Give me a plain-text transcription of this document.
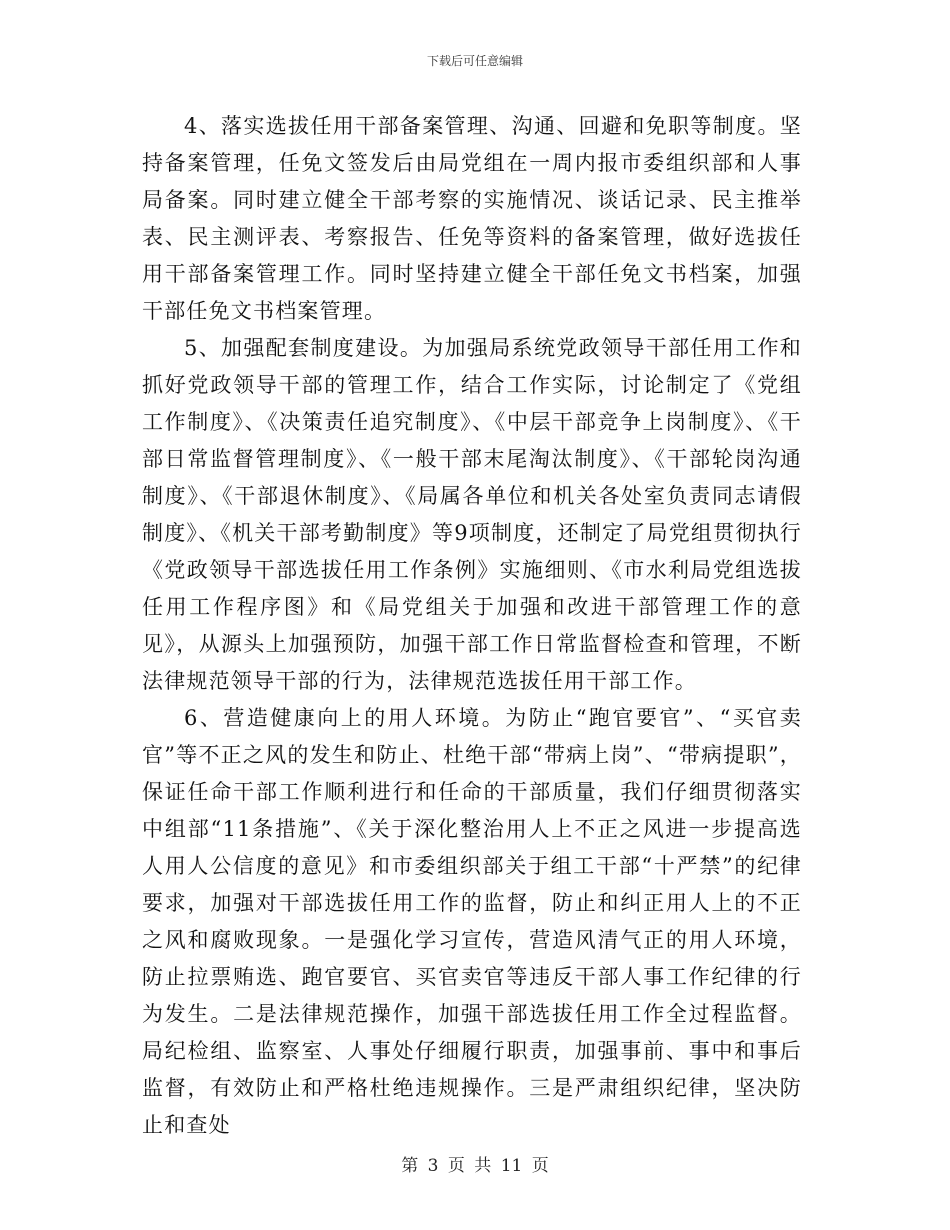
下载后可任意编辑

4、落实选拔任用干部备案管理、沟通、回避和免职等制度。坚持备案管理，任免文签发后由局党组在一周内报市委组织部和人事局备案。同时建立健全干部考察的实施情况、谈话记录、民主推举表、民主测评表、考察报告、任免等资料的备案管理，做好选拔任用干部备案管理工作。同时坚持建立健全干部任免文书档案，加强干部任免文书档案管理。

5、加强配套制度建设。为加强局系统党政领导干部任用工作和抓好党政领导干部的管理工作，结合工作实际，讨论制定了《党组工作制度》、《决策责任追究制度》、《中层干部竞争上岗制度》、《干部日常监督管理制度》、《一般干部末尾淘汰制度》、《干部轮岗沟通制度》、《干部退休制度》、《局属各单位和机关各处室负责同志请假制度》、《机关干部考勤制度》等9项制度，还制定了局党组贯彻执行《党政领导干部选拔任用工作条例》实施细则、《市水利局党组选拔任用工作程序图》和《局党组关于加强和改进干部管理工作的意见》，从源头上加强预防，加强干部工作日常监督检查和管理，不断法律规范领导干部的行为，法律规范选拔任用干部工作。

6、营造健康向上的用人环境。为防止“跑官要官”、“买官卖官”等不正之风的发生和防止、杜绝干部“带病上岗”、“带病提职”，保证任命干部工作顺利进行和任命的干部质量，我们仔细贯彻落实中组部“11条措施”、《关于深化整治用人上不正之风进一步提高选人用人公信度的意见》和市委组织部关于组工干部“十严禁”的纪律要求，加强对干部选拔任用工作的监督，防止和纠正用人上的不正之风和腐败现象。一是强化学习宣传，营造风清气正的用人环境，防止拉票贿选、跑官要官、买官卖官等违反干部人事工作纪律的行为发生。二是法律规范操作，加强干部选拔任用工作全过程监督。局纪检组、监察室、人事处仔细履行职责，加强事前、事中和事后监督，有效防止和严格杜绝违规操作。三是严肃组织纪律，坚决防止和查处

第 3 页 共 11 页
